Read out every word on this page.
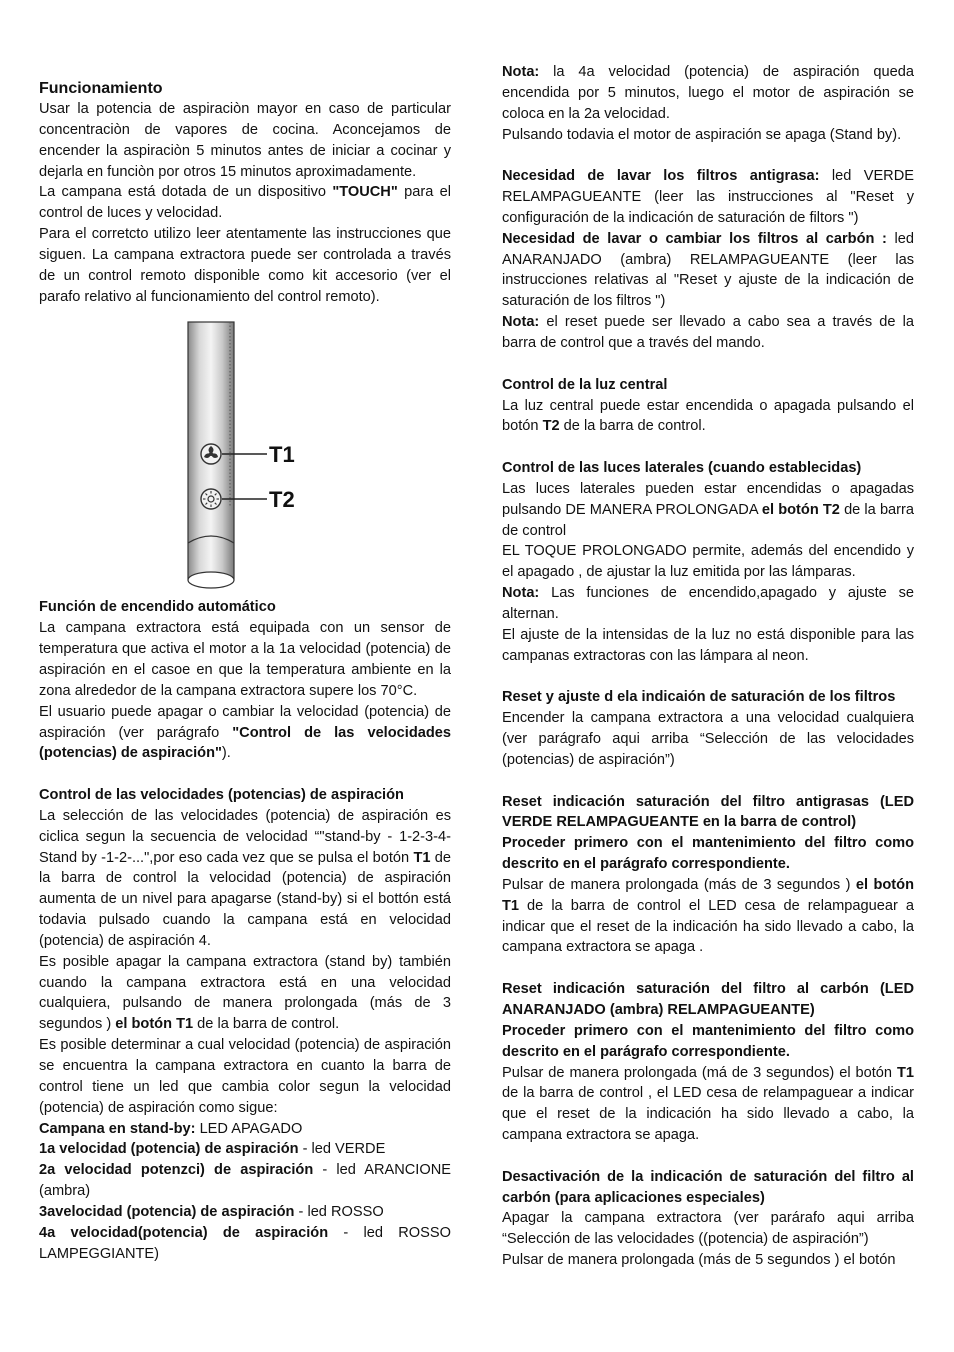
Funcionamiento

Usar la potencia de aspiraciòn mayor en caso de particular concentraciòn de vapores de cocina. Aconcejamos de encender la aspiraciòn 5 minutos antes de iniciar a cocinar y dejarla en funciòn por otros 15 minutos aproximadamente.

La campana está dotada de un dispositivo "TOUCH" para el control de luces y velocidad.

Para el corretcto utilizo leer atentamente las instrucciones que siguen. La campana extractora puede ser controlada a través de un control remoto disponible como kit accesorio (ver el parafo relativo al funcionamiento del control remoto).

T1
T2

Función de encendido automático

La campana extractora está equipada con un sensor de temperatura que activa el motor a la 1a velocidad (potencia) de aspiración en el casoe en que la temperatura ambiente en la zona alrededor de la campana extractora supere los 70°C.

El usuario puede apagar o cambiar la velocidad (potencia) de aspiración (ver parágrafo "Control de las velocidades (potencias) de aspiración").

Control de las velocidades (potencias) de aspiración

La selección de las velocidades (potencia) de aspiración es ciclica segun la secuencia de velocidad “"stand-by - 1-2-3-4- Stand by -1-2-...",por eso cada vez que se pulsa el botón T1 de la barra de control la velocidad (potencia) de aspiración aumenta de un nivel para apagarse (stand-by) si el bottón está todavia pulsado cuando la campana está en velocidad (potencia) de aspiración 4.

Es posible apagar la campana extractora (stand by) también cuando la campana extractora está en una velocidad cualquiera, pulsando de manera prolongada (más de 3 segundos ) el botón T1 de la barra de control.

Es posible determinar a cual velocidad (potencia) de aspiración se encuentra la campana extractora en cuanto la barra de control tiene un led que cambia color segun la velocidad (potencia) de aspiración como sigue:

Campana en stand-by: LED APAGADO

1a velocidad (potencia) de aspiración - led VERDE

2a velocidad potenzci) de aspiración - led ARANCIONE (ambra)

3avelocidad (potencia) de aspiración - led ROSSO

4a velocidad(potencia) de aspiración - led ROSSO LAMPEGGIANTE)

Nota: la 4a velocidad (potencia) de aspiración queda encendida por 5 minutos, luego el motor de aspiración se coloca en la 2a velocidad.

Pulsando todavia el motor de aspiración se apaga (Stand by).

Necesidad de lavar los filtros antigrasa: led VERDE RELAMPAGUEANTE (leer las instrucciones al "Reset y configuración de la indicación de saturación de filtors ")

Necesidad de lavar o cambiar los filtros al carbón : led ANARANJADO (ambra) RELAMPAGUEANTE (leer las instrucciones relativas al "Reset y ajuste de la indicación de saturación de los filtros ")

Nota: el reset puede ser llevado a cabo sea a través de la barra de control que a través del mando.

Control de la luz central

La luz central puede estar encendida o apagada pulsando el botón T2 de la barra de control.

Control de las luces laterales (cuando establecidas)

Las luces laterales pueden estar encendidas o apagadas pulsando DE MANERA PROLONGADA el botón T2 de la barra de control

EL TOQUE PROLONGADO permite, además del encendido y el apagado , de ajustar la luz emitida por las lámparas.

Nota: Las funciones de encendido,apagado y ajuste se alternan.

El ajuste de la intensidas de la luz no está disponible para las campanas extractoras con las lámpara al neon.

Reset y ajuste d ela indicaión de saturación de los filtros

Encender la campana extractora a una velocidad cualquiera (ver parágrafo aqui arriba “Selección de las velocidades (potencias) de aspiración”)

Reset indicación saturación del filtro antigrasas (LED VERDE RELAMPAGUEANTE en la barra de control)

Proceder primero con el mantenimiento del filtro como descrito en el parágrafo correspondiente.

Pulsar de manera prolongada (más de 3 segundos ) el botón T1 de la barra de control el LED cesa de relampaguear a indicar que el reset de la indicación ha sido llevado a cabo, la campana extractora se apaga .

Reset indicación saturación del filtro al carbón (LED ANARANJADO (ambra) RELAMPAGUEANTE)

Proceder primero con el mantenimiento del filtro como descrito en el parágrafo correspondiente.

Pulsar de manera prolongada (má de 3 segundos) el botón T1 de la barra de control , el LED cesa de relampaguear a indicar que el reset de la indicación ha sido llevado a cabo, la campana extractora se apaga.

Desactivación de la indicación de saturación del filtro al carbón (para aplicaciones especiales)

Apagar la campana extractora (ver parárafo aqui arriba “Selección de las velocidades ((potencia) de aspiración”)

Pulsar de manera prolongada (más de 5 segundos ) el botón
